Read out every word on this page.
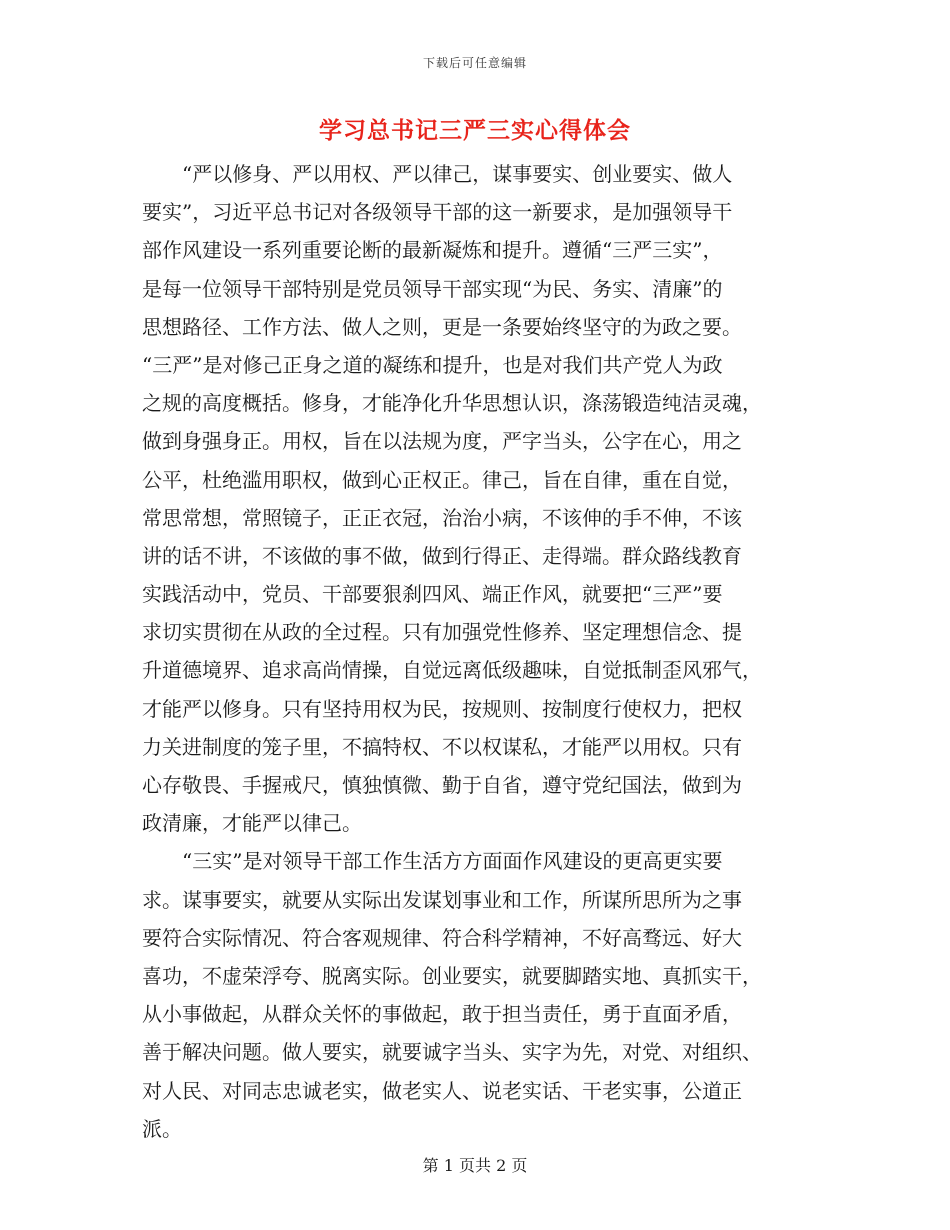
下载后可任意编辑
学习总书记三严三实心得体会
　　“严以修身、严以用权、严以律己，谋事要实、创业要实、做人
要实”，习近平总书记对各级领导干部的这一新要求，是加强领导干
部作风建设一系列重要论断的最新凝炼和提升。遵循“三严三实”，
是每一位领导干部特别是党员领导干部实现“为民、务实、清廉”的
思想路径、工作方法、做人之则，更是一条要始终坚守的为政之要。
“三严”是对修己正身之道的凝练和提升，也是对我们共产党人为政
之规的高度概括。修身，才能净化升华思想认识，涤荡锻造纯洁灵魂，
做到身强身正。用权，旨在以法规为度，严字当头，公字在心，用之
公平，杜绝滥用职权，做到心正权正。律己，旨在自律，重在自觉，
常思常想，常照镜子，正正衣冠，治治小病，不该伸的手不伸，不该
讲的话不讲，不该做的事不做，做到行得正、走得端。群众路线教育
实践活动中，党员、干部要狠刹四风、端正作风，就要把“三严”要
求切实贯彻在从政的全过程。只有加强党性修养、坚定理想信念、提
升道德境界、追求高尚情操，自觉远离低级趣味，自觉抵制歪风邪气，
才能严以修身。只有坚持用权为民，按规则、按制度行使权力，把权
力关进制度的笼子里，不搞特权、不以权谋私，才能严以用权。只有
心存敬畏、手握戒尺，慎独慎微、勤于自省，遵守党纪国法，做到为
政清廉，才能严以律己。
　　“三实”是对领导干部工作生活方方面面作风建设的更高更实要
求。谋事要实，就要从实际出发谋划事业和工作，所谋所思所为之事
要符合实际情况、符合客观规律、符合科学精神，不好高骛远、好大
喜功，不虚荣浮夸、脱离实际。创业要实，就要脚踏实地、真抓实干，
从小事做起，从群众关怀的事做起，敢于担当责任，勇于直面矛盾，
善于解决问题。做人要实，就要诚字当头、实字为先，对党、对组织、
对人民、对同志忠诚老实，做老实人、说老实话、干老实事，公道正
派。
第 1 页共 2 页
